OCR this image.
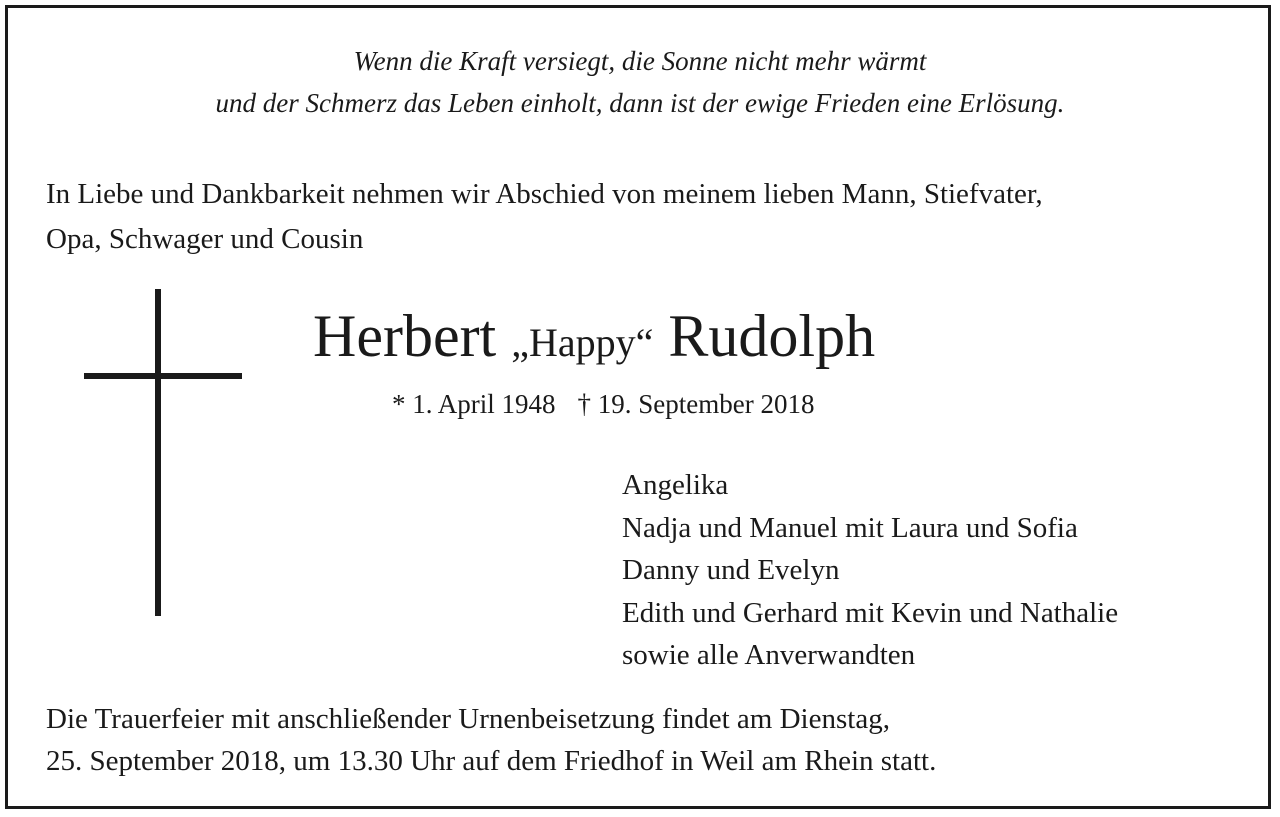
Wenn die Kraft versiegt, die Sonne nicht mehr wärmt
und der Schmerz das Leben einholt, dann ist der ewige Frieden eine Erlösung.
In Liebe und Dankbarkeit nehmen wir Abschied von meinem lieben Mann, Stiefvater,
Opa, Schwager und Cousin
Herbert „Happy“ Rudolph
* 1. April 1948 † 19. September 2018
Angelika
Nadja und Manuel mit Laura und Sofia
Danny und Evelyn
Edith und Gerhard mit Kevin und Nathalie
sowie alle Anverwandten
Die Trauerfeier mit anschließender Urnenbeisetzung findet am Dienstag,
25. September 2018, um 13.30 Uhr auf dem Friedhof in Weil am Rhein statt.
